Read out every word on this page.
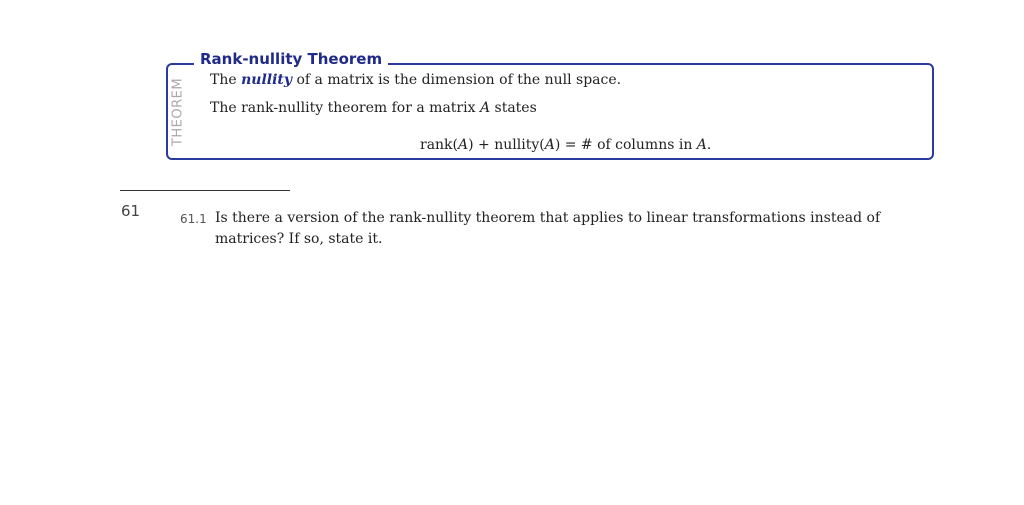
Rank-nullity Theorem
THEOREM The nullity of a matrix is the dimension of the null space.
The rank-nullity theorem for a matrix A states
rank(A) + nullity(A) = # of columns in A.
61	61.1 Is there a version of the rank-nullity theorem that applies to linear transformations instead of matrices? If so, state it.
